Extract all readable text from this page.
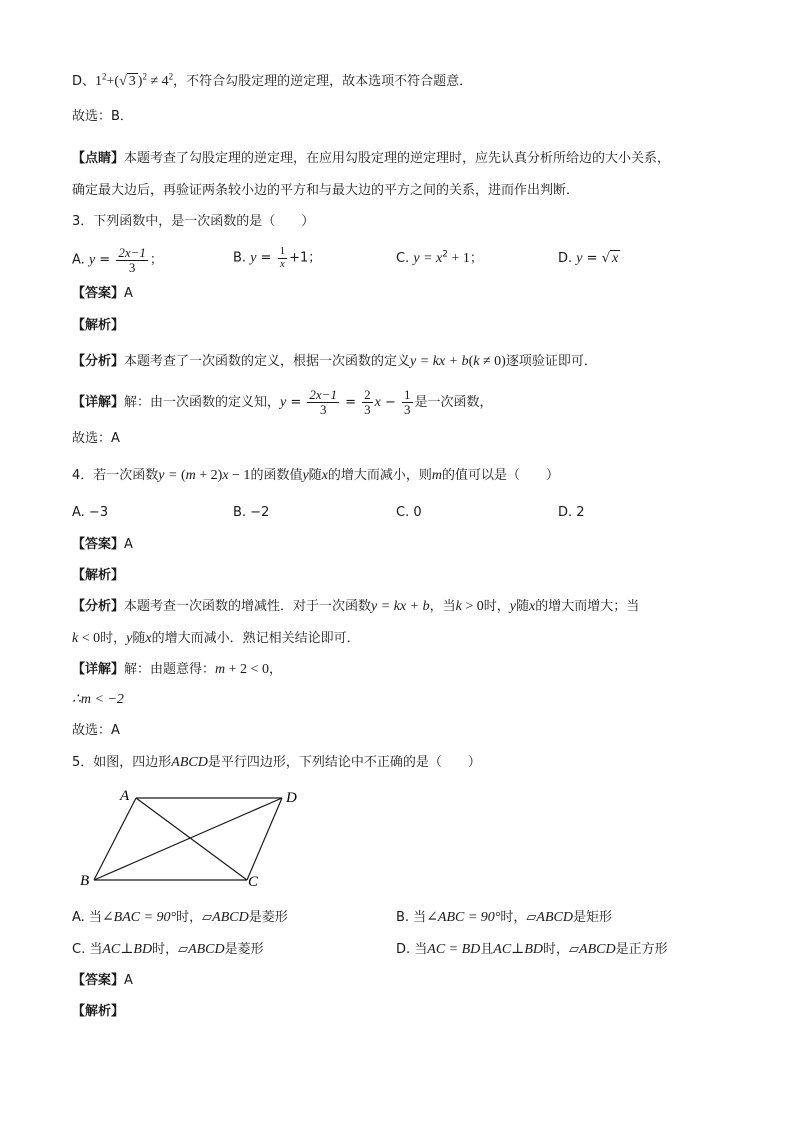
D、$1^2+(√$ 3 )$^2 \ne 4^2$，不符合勾股定理的逆定理，故本选项不符合题意．
故选：B．
【点睛】本题考查了勾股定理的逆定理，在应用勾股定理的逆定理时，应先认真分析所给边的大小关系，
确定最大边后，再验证两条较小边的平方和与最大边的平方之间的关系，进而作出判断．
3．下列函数中，是一次函数的是（　　）
A. $y = \frac{2x-1}{3}$ ；	B. $y = \frac{1}{x} +1$；	C. $y = x^2 + 1$；	D. y = √ x
【答案】A
【解析】
【分析】本题考查了一次函数的定义，根据一次函数的定义y = kx + b(k ≠ 0)逐项验证即可．
【详解】解：由一次函数的定义知，$y = \frac{2x-1}{3} = \frac{2}{3}$ $x - \frac{1}{3}$ 是一次函数，
故选：A
4．若一次函数y = (m + 2)x − 1的函数值y随x的增大而减小，则m的值可以是（　　）
A. −3	B. −2	C. 0	D. 2
【答案】A
【解析】
【分析】本题考查一次函数的增减性．对于一次函数y = kx + b，当k > 0时，y随x的增大而增大；当
k < 0时，y随x的增大而减小．熟记相关结论即可．
【详解】解：由题意得：m + 2 < 0，
∴m < −2
故选：A
5．如图，四边形ABCD是平行四边形，下列结论中不正确的是（　　）
A	D
B	C
A. 当∠BAC = 90°时，▱ABCD是菱形	B. 当∠ABC = 90°时，▱ABCD是矩形
C. 当AC⊥BD时，▱ABCD是菱形	D. 当AC = BD且AC⊥BD时，▱ABCD是正方形
【答案】A
【解析】
